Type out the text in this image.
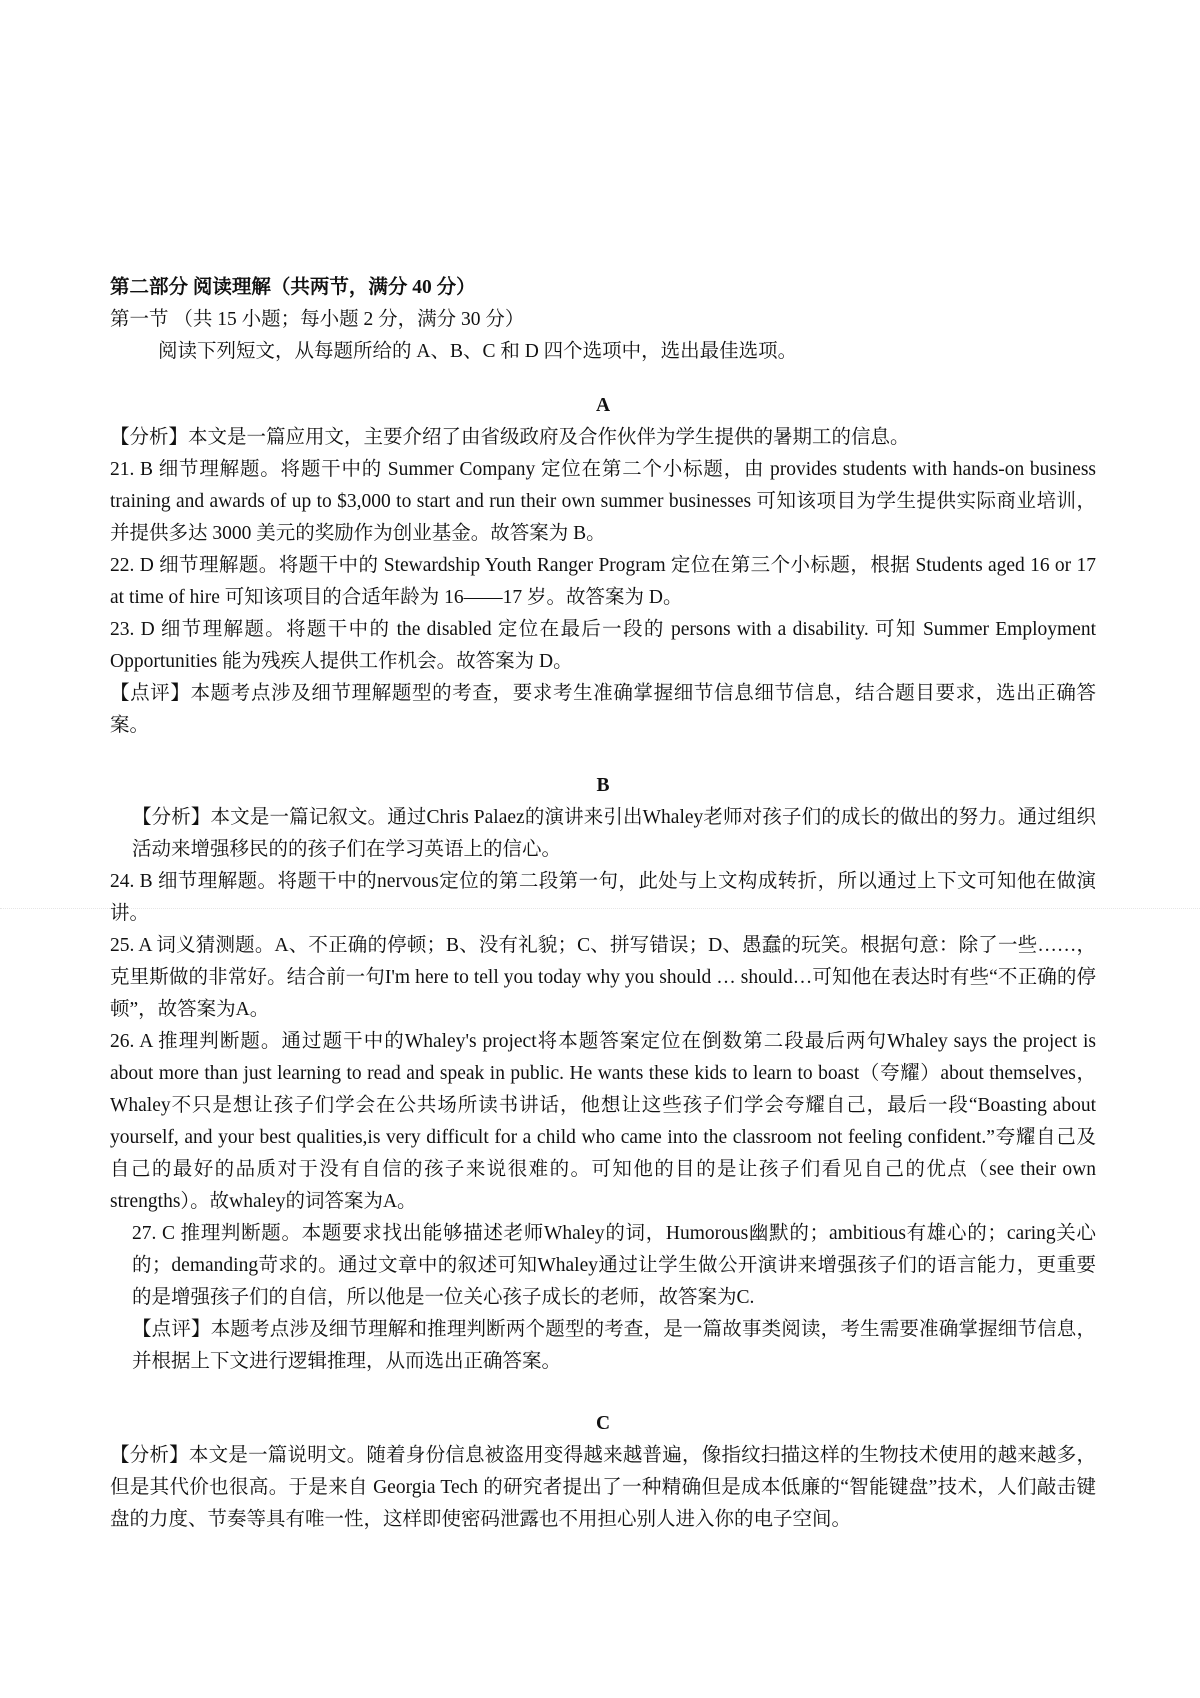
第二部分 阅读理解（共两节，满分 40 分）

第一节 （共 15 小题；每小题 2 分，满分 30 分）

阅读下列短文，从每题所给的 A、B、C 和 D 四个选项中，选出最佳选项。

A

【分析】本文是一篇应用文，主要介绍了由省级政府及合作伙伴为学生提供的暑期工的信息。

21. B 细节理解题。将题干中的 Summer Company 定位在第二个小标题，由 provides students with hands-on business training and awards of up to $3,000 to start and run their own summer businesses 可知该项目为学生提供实际商业培训，并提供多达 3000 美元的奖励作为创业基金。故答案为 B。

22. D 细节理解题。将题干中的 Stewardship Youth Ranger Program 定位在第三个小标题，根据 Students aged 16 or 17 at time of hire 可知该项目的合适年龄为 16——17 岁。故答案为 D。

23. D 细节理解题。将题干中的 the disabled 定位在最后一段的 persons with a disability. 可知 Summer Employment Opportunities 能为残疾人提供工作机会。故答案为 D。

【点评】本题考点涉及细节理解题型的考查，要求考生准确掌握细节信息细节信息，结合题目要求，选出正确答案。

B

【分析】本文是一篇记叙文。通过Chris Palaez的演讲来引出Whaley老师对孩子们的成长的做出的努力。通过组织活动来增强移民的的孩子们在学习英语上的信心。

24. B 细节理解题。将题干中的nervous定位的第二段第一句，此处与上文构成转折，所以通过上下文可知他在做演讲。

25. A 词义猜测题。A、不正确的停顿；B、没有礼貌；C、拼写错误；D、愚蠢的玩笑。根据句意：除了一些……，克里斯做的非常好。结合前一句I'm here to tell you today why you should … should…可知他在表达时有些“不正确的停顿”，故答案为A。

26. A 推理判断题。通过题干中的Whaley's project将本题答案定位在倒数第二段最后两句Whaley says the project is about more than just learning to read and speak in public. He wants these kids to learn to boast（夸耀）about themselves，Whaley不只是想让孩子们学会在公共场所读书讲话，他想让这些孩子们学会夸耀自己，最后一段“Boasting about yourself, and your best qualities,is very difficult for a child who came into the classroom not feeling confident.”夸耀自己及自己的最好的品质对于没有自信的孩子来说很难的。可知他的目的是让孩子们看见自己的优点（see their own strengths）。故whaley的词答案为A。

27. C 推理判断题。本题要求找出能够描述老师Whaley的词，Humorous幽默的；ambitious有雄心的；caring关心的；demanding苛求的。通过文章中的叙述可知Whaley通过让学生做公开演讲来增强孩子们的语言能力，更重要的是增强孩子们的自信，所以他是一位关心孩子成长的老师，故答案为C.

【点评】本题考点涉及细节理解和推理判断两个题型的考查，是一篇故事类阅读，考生需要准确掌握细节信息，并根据上下文进行逻辑推理，从而选出正确答案。

C

【分析】本文是一篇说明文。随着身份信息被盗用变得越来越普遍，像指纹扫描这样的生物技术使用的越来越多，但是其代价也很高。于是来自 Georgia Tech 的研究者提出了一种精确但是成本低廉的“智能键盘”技术，人们敲击键盘的力度、节奏等具有唯一性，这样即使密码泄露也不用担心别人进入你的电子空间。
